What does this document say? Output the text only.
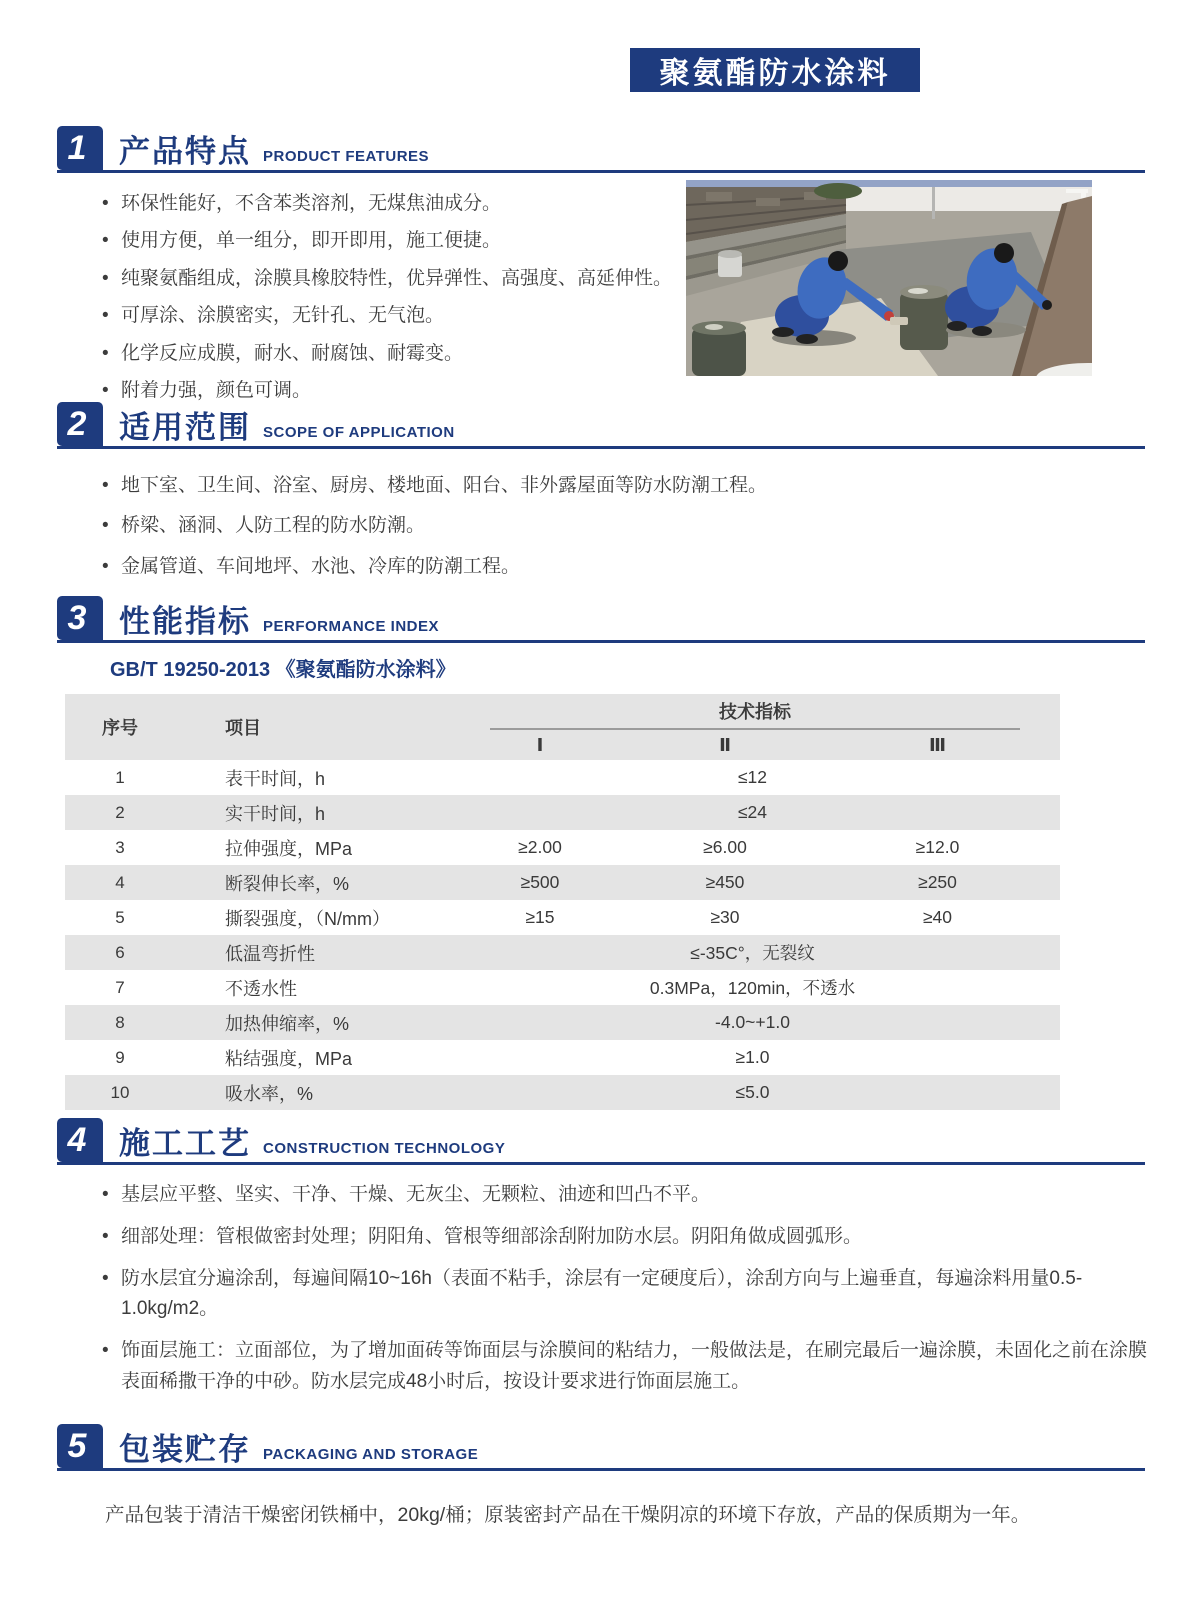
聚氨酯防水涂料
1	产品特点 PRODUCT FEATURES
• 环保性能好，不含苯类溶剂，无煤焦油成分。
• 使用方便，单一组分，即开即用，施工便捷。
• 纯聚氨酯组成，涂膜具橡胶特性，优异弹性、高强度、高延伸性。
• 可厚涂、涂膜密实，无针孔、无气泡。
• 化学反应成膜，耐水、耐腐蚀、耐霉变。
• 附着力强，颜色可调。
2	适用范围 SCOPE OF APPLICATION
• 地下室、卫生间、浴室、厨房、楼地面、阳台、非外露屋面等防水防潮工程。
• 桥梁、涵洞、人防工程的防水防潮。
• 金属管道、车间地坪、水池、冷库的防潮工程。
3	性能指标 PERFORMANCE INDEX
GB/T 19250-2013 《聚氨酯防水涂料》
序号	项目
技术指标
Ⅰ	Ⅱ	Ⅲ
1	表干时间，h	≤12
2	实干时间，h	≤24
3	拉伸强度，MPa	≥2.00	≥6.00	≥12.0
4	断裂伸长率，%	≥500	≥450	≥250
5	撕裂强度，（N/mm）	≥15	≥30	≥40
6	低温弯折性	≤-35C°，无裂纹
7	不透水性	0.3MPa，120min，不透水
8	加热伸缩率，%	-4.0~+1.0
9	粘结强度，MPa	≥1.0
10	吸水率，%	≤5.0
4	施工工艺 CONSTRUCTION TECHNOLOGY
• 基层应平整、坚实、干净、干燥、无灰尘、无颗粒、油迹和凹凸不平。
• 细部处理：管根做密封处理；阴阳角、管根等细部涂刮附加防水层。阴阳角做成圆弧形。
• 防水层宜分遍涂刮，每遍间隔10~16h（表面不粘手，涂层有一定硬度后），涂刮方向与上遍垂直，每遍涂料用量0.5-1.0kg/m2。
• 饰面层施工：立面部位，为了增加面砖等饰面层与涂膜间的粘结力，一般做法是，在刷完最后一遍涂膜，未固化之前在涂膜表面稀撒干净的中砂。防水层完成48小时后，按设计要求进行饰面层施工。
5	包装贮存 PACKAGING AND STORAGE
产品包装于清洁干燥密闭铁桶中，20kg/桶；原装密封产品在干燥阴凉的环境下存放，产品的保质期为一年。
